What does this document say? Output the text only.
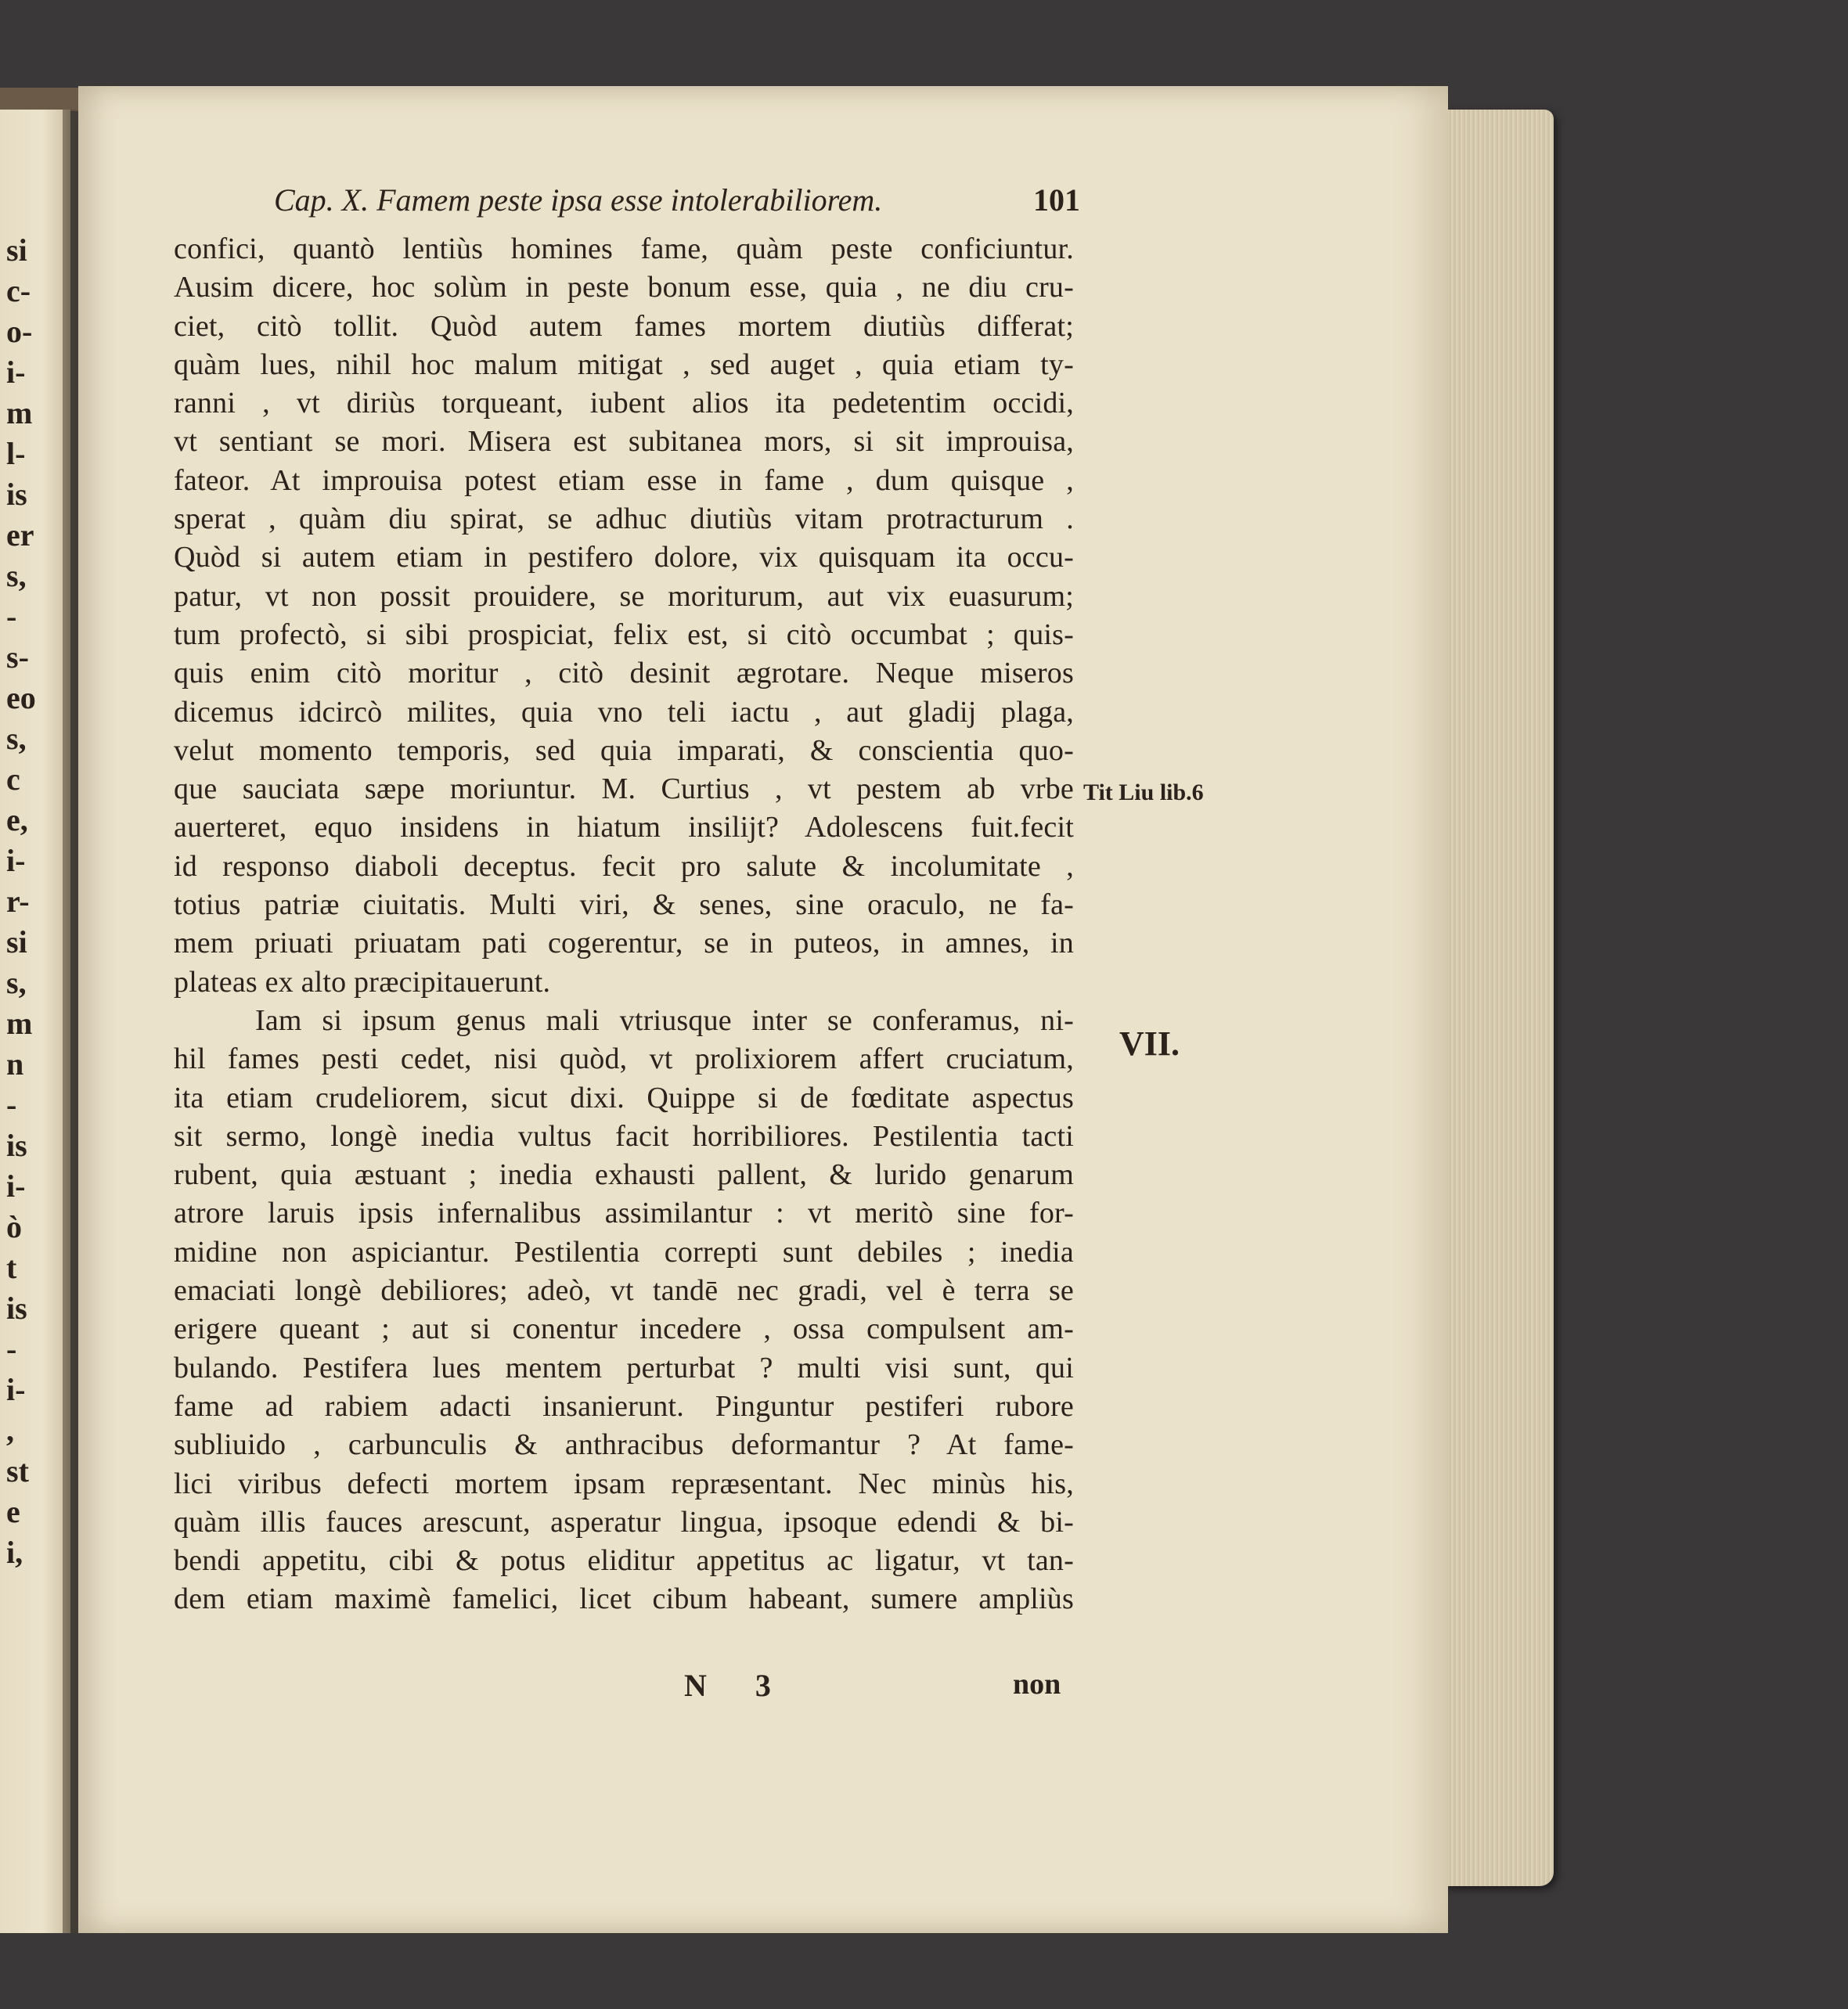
si
c-
o-
i-
m
l-
is
er
s,
-
s-
eo
s,
c
e,
i-
r-
si
s,
m
n
-
is
i-
ò
t
is
-
i-
,
st
e
i,
Cap. X. Famem peste ipsa esse intolerabiliorem.	101
confici, quantò lentiùs homines fame, quàm peste conficiuntur.
Ausim dicere, hoc solùm in peste bonum esse, quia , ne diu cru-
ciet, citò tollit. Quòd autem fames mortem diutiùs differat;
quàm lues, nihil hoc malum mitigat , sed auget , quia etiam ty-
ranni , vt diriùs torqueant, iubent alios ita pedetentim occidi,
vt sentiant se mori. Misera est subitanea mors, si sit improuisa,
fateor. At improuisa potest etiam esse in fame , dum quisque ,
sperat , quàm diu spirat, se adhuc diutiùs vitam protracturum .
Quòd si autem etiam in pestifero dolore, vix quisquam ita occu-
patur, vt non possit prouidere, se moriturum, aut vix euasurum;
tum profectò, si sibi prospiciat, felix est, si citò occumbat ; quis-
quis enim citò moritur , citò desinit ægrotare. Neque miseros
dicemus idcircò milites, quia vno teli iactu , aut gladij plaga,
velut momento temporis, sed quia imparati, & conscientia quo-
que sauciata sæpe moriuntur. M. Curtius , vt pestem ab vrbe
auerteret, equo insidens in hiatum insilijt? Adolescens fuit.fecit
id responso diaboli deceptus. fecit pro salute & incolumitate ,
totius patriæ ciuitatis. Multi viri, & senes, sine oraculo, ne fa-
mem priuati priuatam pati cogerentur, se in puteos, in amnes, in
plateas ex alto præcipitauerunt.
Iam si ipsum genus mali vtriusque inter se conferamus, ni-
hil fames pesti cedet, nisi quòd, vt prolixiorem affert cruciatum,
ita etiam crudeliorem, sicut dixi. Quippe si de fœditate aspectus
sit sermo, longè inedia vultus facit horribiliores. Pestilentia tacti
rubent, quia æstuant ; inedia exhausti pallent, & lurido genarum
atrore laruis ipsis infernalibus assimilantur : vt meritò sine for-
midine non aspiciantur. Pestilentia correpti sunt debiles ; inedia
emaciati longè debiliores; adeò, vt tandē nec gradi, vel è terra se
erigere queant ; aut si conentur incedere , ossa compulsent am-
bulando. Pestifera lues mentem perturbat ? multi visi sunt, qui
fame ad rabiem adacti insanierunt. Pinguntur pestiferi rubore
subliuido , carbunculis & anthracibus deformantur ? At fame-
lici viribus defecti mortem ipsam repræsentant. Nec minùs his,
quàm illis fauces arescunt, asperatur lingua, ipsoque edendi & bi-
bendi appetitu, cibi & potus eliditur appetitus ac ligatur, vt tan-
dem etiam maximè famelici, licet cibum habeant, sumere ampliùs
Tit Liu lib.6
VII.
N 3	non
